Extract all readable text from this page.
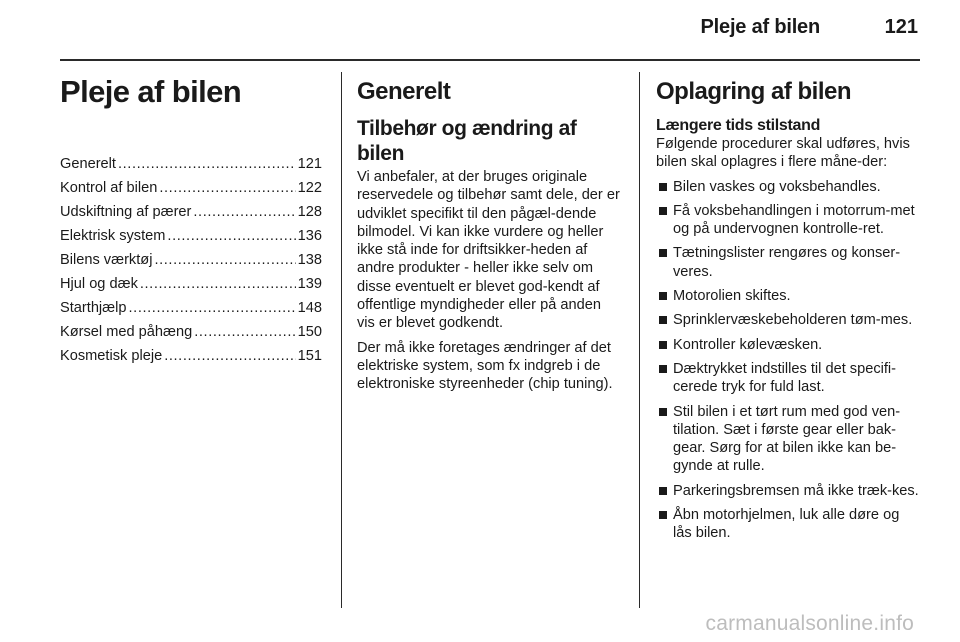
Pleje af bilen	121
Pleje af bilen
Generelt .....	121
Kontrol af bilen .....	122
Udskiftning af pærer .....	128
Elektrisk system .....	136
Bilens værktøj .....	138
Hjul og dæk .....	139
Starthjælp .....	148
Kørsel med påhæng .....	150
Kosmetisk pleje .....	151
Generelt
Tilbehør og ændring af bilen

Vi anbefaler, at der bruges originale reservedele og tilbehør samt dele, der er udviklet specifikt til den pågæl-dende bilmodel. Vi kan ikke vurdere og heller ikke stå inde for driftsikker-heden af andre produkter - heller ikke selv om disse eventuelt er blevet god-kendt af offentlige myndigheder eller på anden vis er blevet godkendt.

Der må ikke foretages ændringer af det elektriske system, som fx indgreb i de elektroniske styreenheder (chip tuning).

Oplagring af bilen
Længere tids stilstand

Følgende procedurer skal udføres, hvis bilen skal oplagres i flere måne-der:

Bilen vaskes og voksbehandles.
Få voksbehandlingen i motorrum-met og på undervognen kontrolle-ret.
Tætningslister rengøres og konser-veres.
Motorolien skiftes.
Sprinklervæskebeholderen tøm-mes.
Kontroller kølevæsken.
Dæktrykket indstilles til det specifi-cerede tryk for fuld last.
Stil bilen i et tørt rum med god ven-tilation. Sæt i første gear eller bak-gear. Sørg for at bilen ikke kan be-gynde at rulle.
Parkeringsbremsen må ikke træk-kes.
Åbn motorhjelmen, luk alle døre og lås bilen.
carmanualsonline.info
